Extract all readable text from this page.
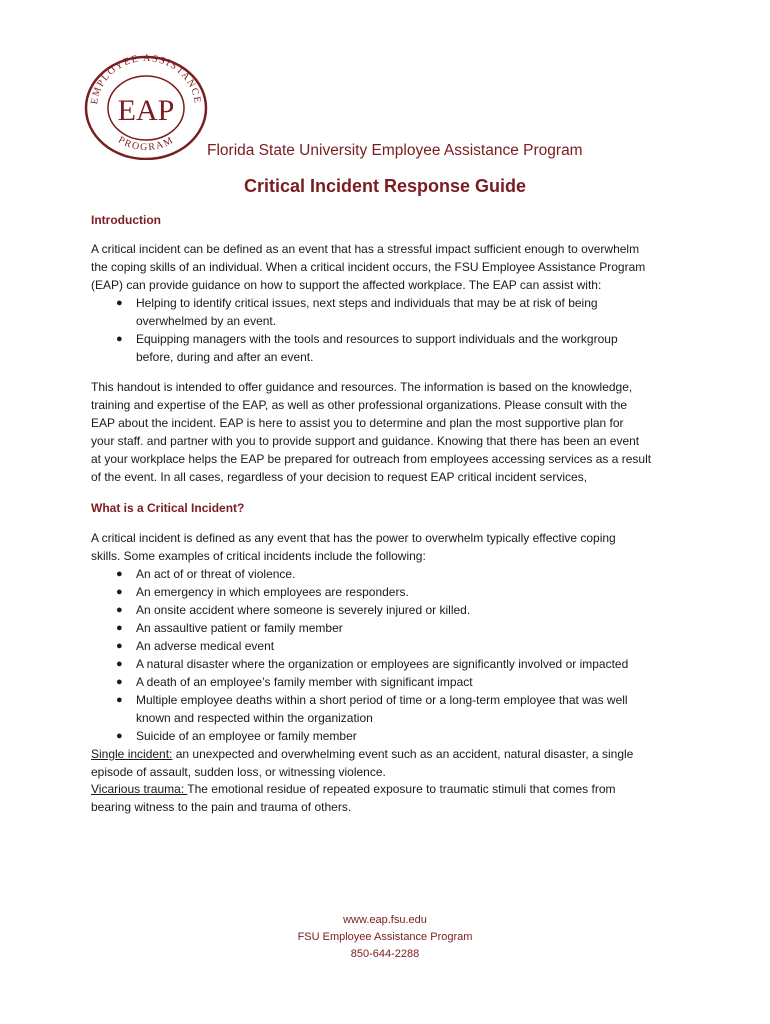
EMPLOYEE ASSISTANCE
PROGRAM
EAP
Florida State University Employee Assistance Program
Critical Incident Response Guide
Introduction

A critical incident can be defined as an event that has a stressful impact sufficient enough to overwhelm
the coping skills of an individual. When a critical incident occurs, the FSU Employee Assistance Program
(EAP) can provide guidance on how to support the affected workplace. The EAP can assist with:

● Helping to identify critical issues, next steps and individuals that may be at risk of being
overwhelmed by an event.
● Equipping managers with the tools and resources to support individuals and the workgroup
before, during and after an event.

This handout is intended to offer guidance and resources. The information is based on the knowledge,
training and expertise of the EAP, as well as other professional organizations. Please consult with the
EAP about the incident. EAP is here to assist you to determine and plan the most supportive plan for
your staff. and partner with you to provide support and guidance. Knowing that there has been an event
at your workplace helps the EAP be prepared for outreach from employees accessing services as a result
of the event. In all cases, regardless of your decision to request EAP critical incident services,

What is a Critical Incident?

A critical incident is defined as any event that has the power to overwhelm typically effective coping
skills. Some examples of critical incidents include the following:

● An act of or threat of violence.
● An emergency in which employees are responders.
● An onsite accident where someone is severely injured or killed.
● An assaultive patient or family member
● An adverse medical event
● A natural disaster where the organization or employees are significantly involved or impacted
● A death of an employee’s family member with significant impact
● Multiple employee deaths within a short period of time or a long-term employee that was well
known and respected within the organization
● Suicide of an employee or family member

Single incident: an unexpected and overwhelming event such as an accident, natural disaster, a single
episode of assault, sudden loss, or witnessing violence.

Vicarious trauma: The emotional residue of repeated exposure to traumatic stimuli that comes from
bearing witness to the pain and trauma of others.

www.eap.fsu.edu
FSU Employee Assistance Program
850-644-2288
